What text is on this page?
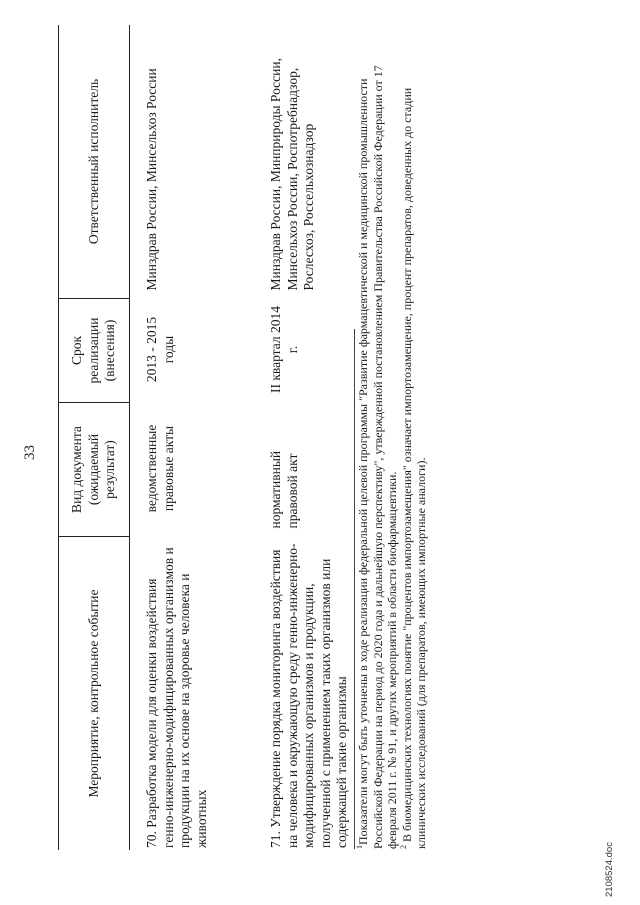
33
Мероприятие, контрольное событие	Вид документа (ожидаемый результат)	Срок реализации (внесения)	Ответственный исполнитель
70. Разработка модели для оценки воздействия генно-инженерно-модифицированных организмов и продукции на их основе на здоровье человека и животных	ведомственные правовые акты	2013 - 2015 годы	Минздрав России, Минсельхоз России
71. Утверждение порядка мониторинга воздействия на человека и окружающую среду генно-инженерно-модифицированных организмов и продукции, полученной с применением таких организмов или содержащей такие организмы	нормативный правовой акт	II квартал 2014 г.	Минздрав России, Минприроды России, Минсельхоз России, Роспотребнадзор, Рослесхоз, Россельхознадзор

$^1$Показатели могут быть уточнены в ходе реализации федеральной целевой программы "Развитие фармацевтической и медицинской промышленности Российской Федерации на период до 2020 года и дальнейшую перспективу", утвержденной постановлением Правительства Российской Федерации от 17 февраля 2011 г. № 91, и других мероприятий в области биофармацевтики. $^2$ В биомедицинских технологиях понятие "процентов импортозамещения" означает импортозамещение, процент препаратов, доведенных до стадии клинических исследований (для препаратов, имеющих импортные аналоги).

2108524.doc
